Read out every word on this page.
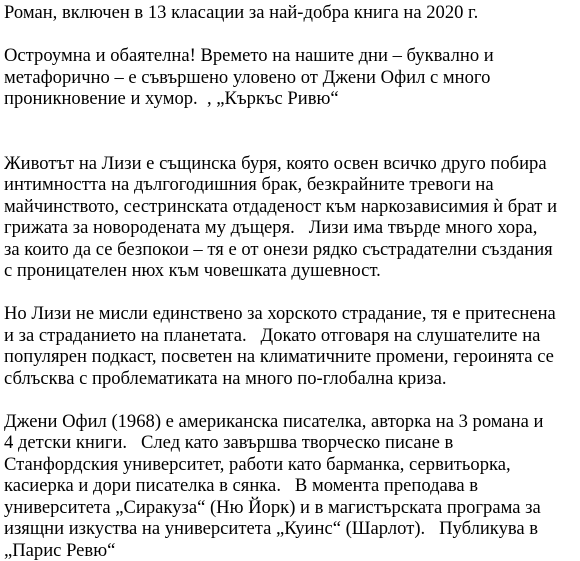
Роман, включен в 13 класации за най-добра книга на 2020 г.
Остроумна и обаятелна! Времето на нашите дни – буквално и
метафорично – е съвършено уловено от Джени Офил с много
проникновение и хумор.  , „Къркъс Ривю“
Животът на Лизи е същинска буря, която освен всичко друго побира
интимността на дългогодишния брак, безкрайните тревоги на
майчинството, сестринската отдаденост към наркозависимия ѝ брат и
грижата за новородената му дъщеря.   Лизи има твърде много хора,
за които да се безпокои – тя е от онези рядко състрадателни създания
с проницателен нюх към човешката душевност.
Но Лизи не мисли единствено за хорското страдание, тя е притеснена
и за страданието на планетата.   Докато отговаря на слушателите на
популярен подкаст, посветен на климатичните промени, героинята се
сблъсква с проблематиката на много по-глобална криза.
Джени Офил (1968) е американска писателка, авторка на 3 романа и
4 детски книги.   След като завършва творческо писане в
Станфордския университет, работи като барманка, сервитьорка,
касиерка и дори писателка в сянка.   В момента преподава в
университета „Сиракуза“ (Ню Йорк) и в магистърската програма за
изящни изкуства на университета „Куинс“ (Шарлот).   Публикува в
„Парис Ревю“
